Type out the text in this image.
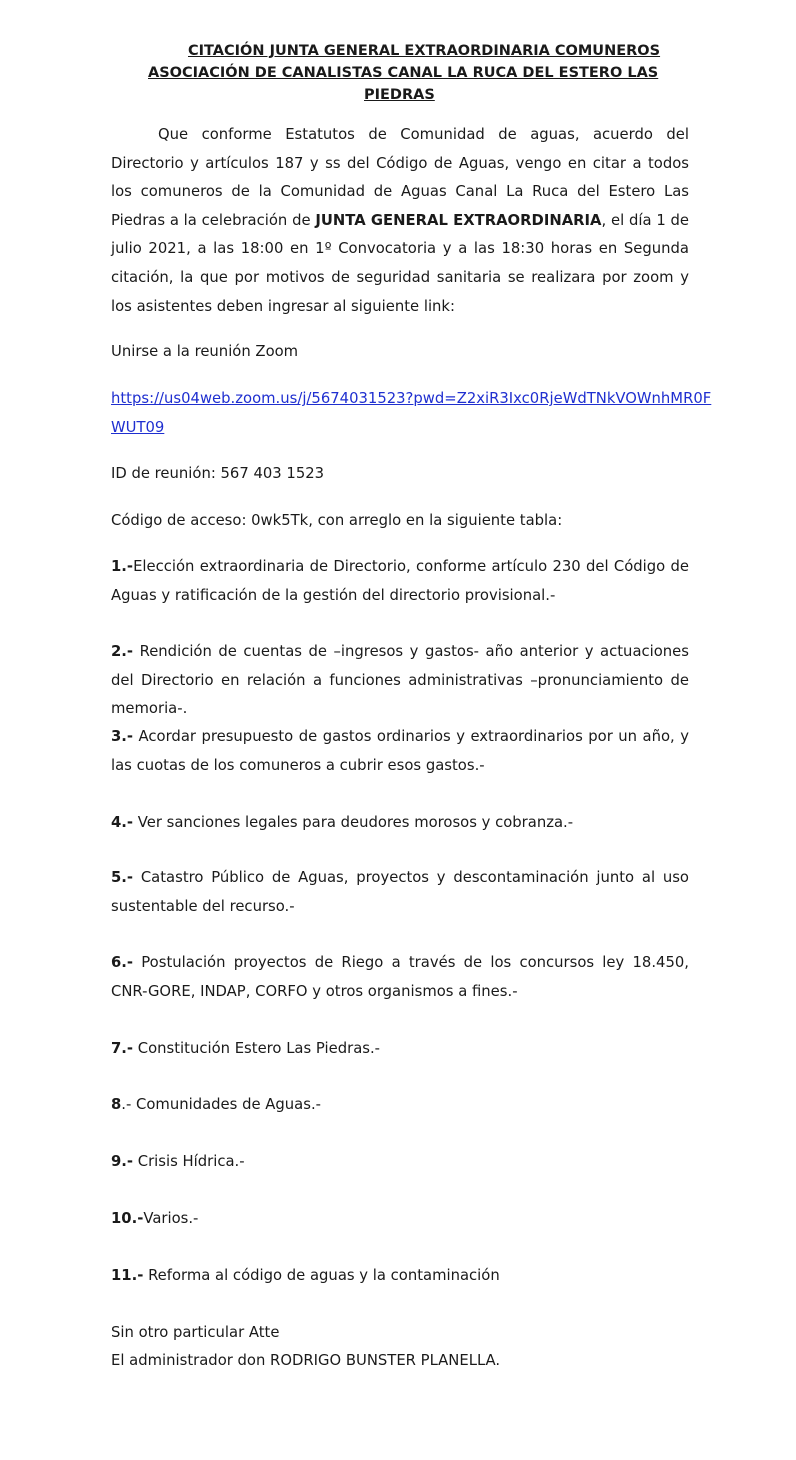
CITACIÓN JUNTA GENERAL EXTRAORDINARIA COMUNEROS
ASOCIACIÓN DE CANALISTAS CANAL LA RUCA DEL ESTERO LAS
PIEDRAS

Que conforme Estatutos de Comunidad de aguas, acuerdo del Directorio y artículos 187 y ss del Código de Aguas, vengo en citar a todos los comuneros de la Comunidad de Aguas Canal La Ruca del Estero Las Piedras a la celebración de JUNTA GENERAL EXTRAORDINARIA, el día 1 de julio 2021, a las 18:00 en 1º Convocatoria y a las 18:30 horas en Segunda citación, la que por motivos de seguridad sanitaria se realizara por zoom y los asistentes deben ingresar al siguiente link:

Unirse a la reunión Zoom

https://us04web.zoom.us/j/5674031523?pwd=Z2xiR3Ixc0RjeWdTNkVOWnhMR0F
WUT09

ID de reunión: 567 403 1523

Código de acceso: 0wk5Tk, con arreglo en la siguiente tabla:

1.-Elección extraordinaria de Directorio, conforme artículo 230 del Código de Aguas y ratificación de la gestión del directorio provisional.-

2.- Rendición de cuentas de –ingresos y gastos- año anterior y actuaciones del Directorio en relación a funciones administrativas –pronunciamiento de memoria-.

3.- Acordar presupuesto de gastos ordinarios y extraordinarios por un año, y las cuotas de los comuneros a cubrir esos gastos.-

4.- Ver sanciones legales para deudores morosos y cobranza.-

5.- Catastro Público de Aguas, proyectos y descontaminación junto al uso sustentable del recurso.-

6.- Postulación proyectos de Riego a través de los concursos ley 18.450, CNR-GORE, INDAP, CORFO y otros organismos a fines.-

7.- Constitución Estero Las Piedras.-

8.- Comunidades de Aguas.-

9.- Crisis Hídrica.-

10.-Varios.-

11.- Reforma al código de aguas y la contaminación

Sin otro particular Atte

El administrador don RODRIGO BUNSTER PLANELLA.
